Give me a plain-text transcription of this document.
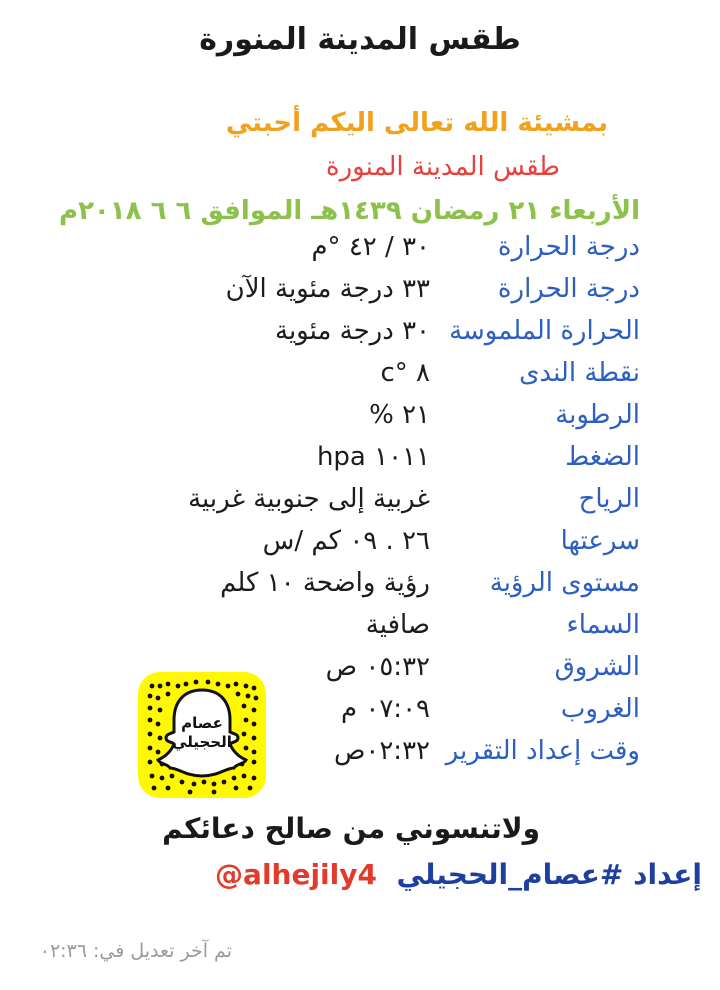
طقس المدينة المنورة
بمشيئة الله تعالى اليكم أحبتي
طقس المدينة المنورة
الأربعاء ٢١ رمضان ١٤٣٩هـ الموافق ٦ ٦ ٢٠١٨م
درجة الحرارة
٣٠ / ٤٢ °م
درجة الحرارة
٣٣ درجة مئوية الآن
الحرارة الملموسة
٣٠ درجة مئوية
نقطة الندى
٨ °c
الرطوبة
٢١ %
الضغط
١٠١١ hpa
الرياح
غربية إلى جنوبية غربية
سرعتها
٢٦ . ٠٩ كم /س
مستوى الرؤية
رؤية واضحة ١٠ كلم
السماء
صافية
الشروق
٠٥:٣٢ ص
الغروب
٠٧:٠٩ م
وقت إعداد التقرير
٠٢:٣٢ص
عصام
الحجيلي
ولاتنسوني من صالح دعائكم
إعداد #عصام_الحجيلي  @alhejily4
تم آخر تعديل في: ٠٢:٣٦
